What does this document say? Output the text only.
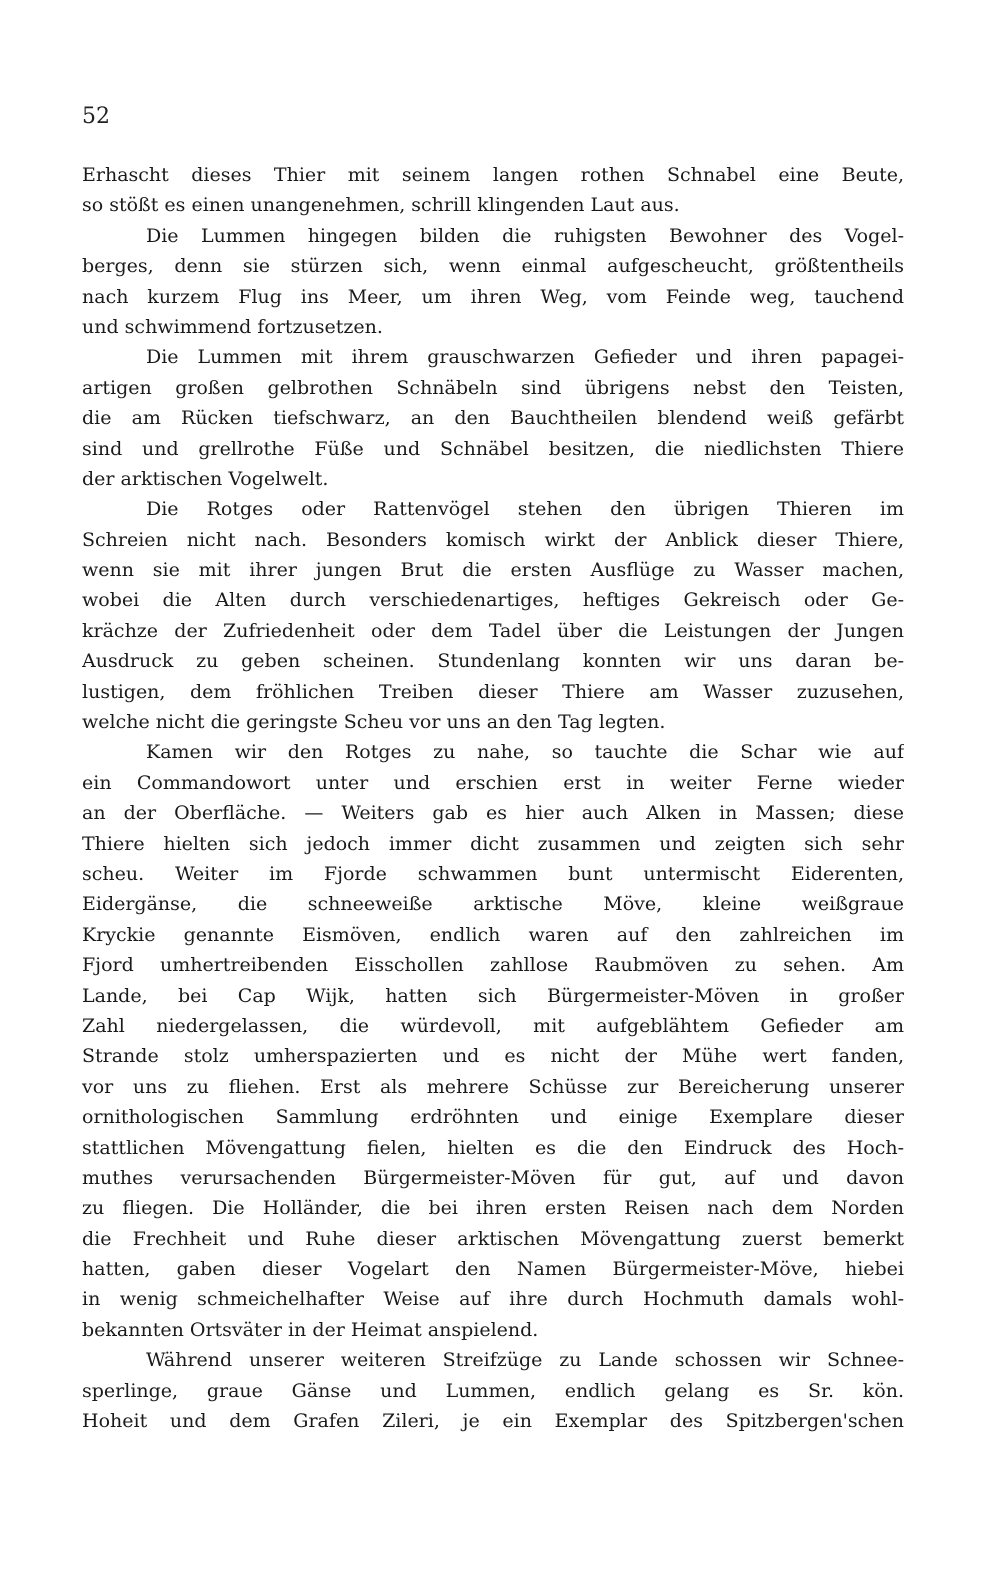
52
Erhascht dieses Thier mit seinem langen rothen Schnabel eine Beute,
so stößt es einen unangenehmen, schrill klingenden Laut aus.
Die Lummen hingegen bilden die ruhigsten Bewohner des Vogel-
berges, denn sie stürzen sich, wenn einmal aufgescheucht, größtentheils
nach kurzem Flug ins Meer, um ihren Weg, vom Feinde weg, tauchend
und schwimmend fortzusetzen.
Die Lummen mit ihrem grauschwarzen Gefieder und ihren papagei-
artigen großen gelbrothen Schnäbeln sind übrigens nebst den Teisten,
die am Rücken tiefschwarz, an den Bauchtheilen blendend weiß gefärbt
sind und grellrothe Füße und Schnäbel besitzen, die niedlichsten Thiere
der arktischen Vogelwelt.
Die Rotges oder Rattenvögel stehen den übrigen Thieren im
Schreien nicht nach. Besonders komisch wirkt der Anblick dieser Thiere,
wenn sie mit ihrer jungen Brut die ersten Ausflüge zu Wasser machen,
wobei die Alten durch verschiedenartiges, heftiges Gekreisch oder Ge-
krächze der Zufriedenheit oder dem Tadel über die Leistungen der Jungen
Ausdruck zu geben scheinen. Stundenlang konnten wir uns daran be-
lustigen, dem fröhlichen Treiben dieser Thiere am Wasser zuzusehen,
welche nicht die geringste Scheu vor uns an den Tag legten.
Kamen wir den Rotges zu nahe, so tauchte die Schar wie auf
ein Commandowort unter und erschien erst in weiter Ferne wieder
an der Oberfläche. — Weiters gab es hier auch Alken in Massen; diese
Thiere hielten sich jedoch immer dicht zusammen und zeigten sich sehr
scheu. Weiter im Fjorde schwammen bunt untermischt Eiderenten,
Eidergänse, die schneeweiße arktische Möve, kleine weißgraue
Kryckie genannte Eismöven, endlich waren auf den zahlreichen im
Fjord umhertreibenden Eisschollen zahllose Raubmöven zu sehen. Am
Lande, bei Cap Wijk, hatten sich Bürgermeister-Möven in großer
Zahl niedergelassen, die würdevoll, mit aufgeblähtem Gefieder am
Strande stolz umherspazierten und es nicht der Mühe wert fanden,
vor uns zu fliehen. Erst als mehrere Schüsse zur Bereicherung unserer
ornithologischen Sammlung erdröhnten und einige Exemplare dieser
stattlichen Mövengattung fielen, hielten es die den Eindruck des Hoch-
muthes verursachenden Bürgermeister-Möven für gut, auf und davon
zu fliegen. Die Holländer, die bei ihren ersten Reisen nach dem Norden
die Frechheit und Ruhe dieser arktischen Mövengattung zuerst bemerkt
hatten, gaben dieser Vogelart den Namen Bürgermeister-Möve, hiebei
in wenig schmeichelhafter Weise auf ihre durch Hochmuth damals wohl-
bekannten Ortsväter in der Heimat anspielend.
Während unserer weiteren Streifzüge zu Lande schossen wir Schnee-
sperlinge, graue Gänse und Lummen, endlich gelang es Sr. kön.
Hoheit und dem Grafen Zileri, je ein Exemplar des Spitzbergen'schen
